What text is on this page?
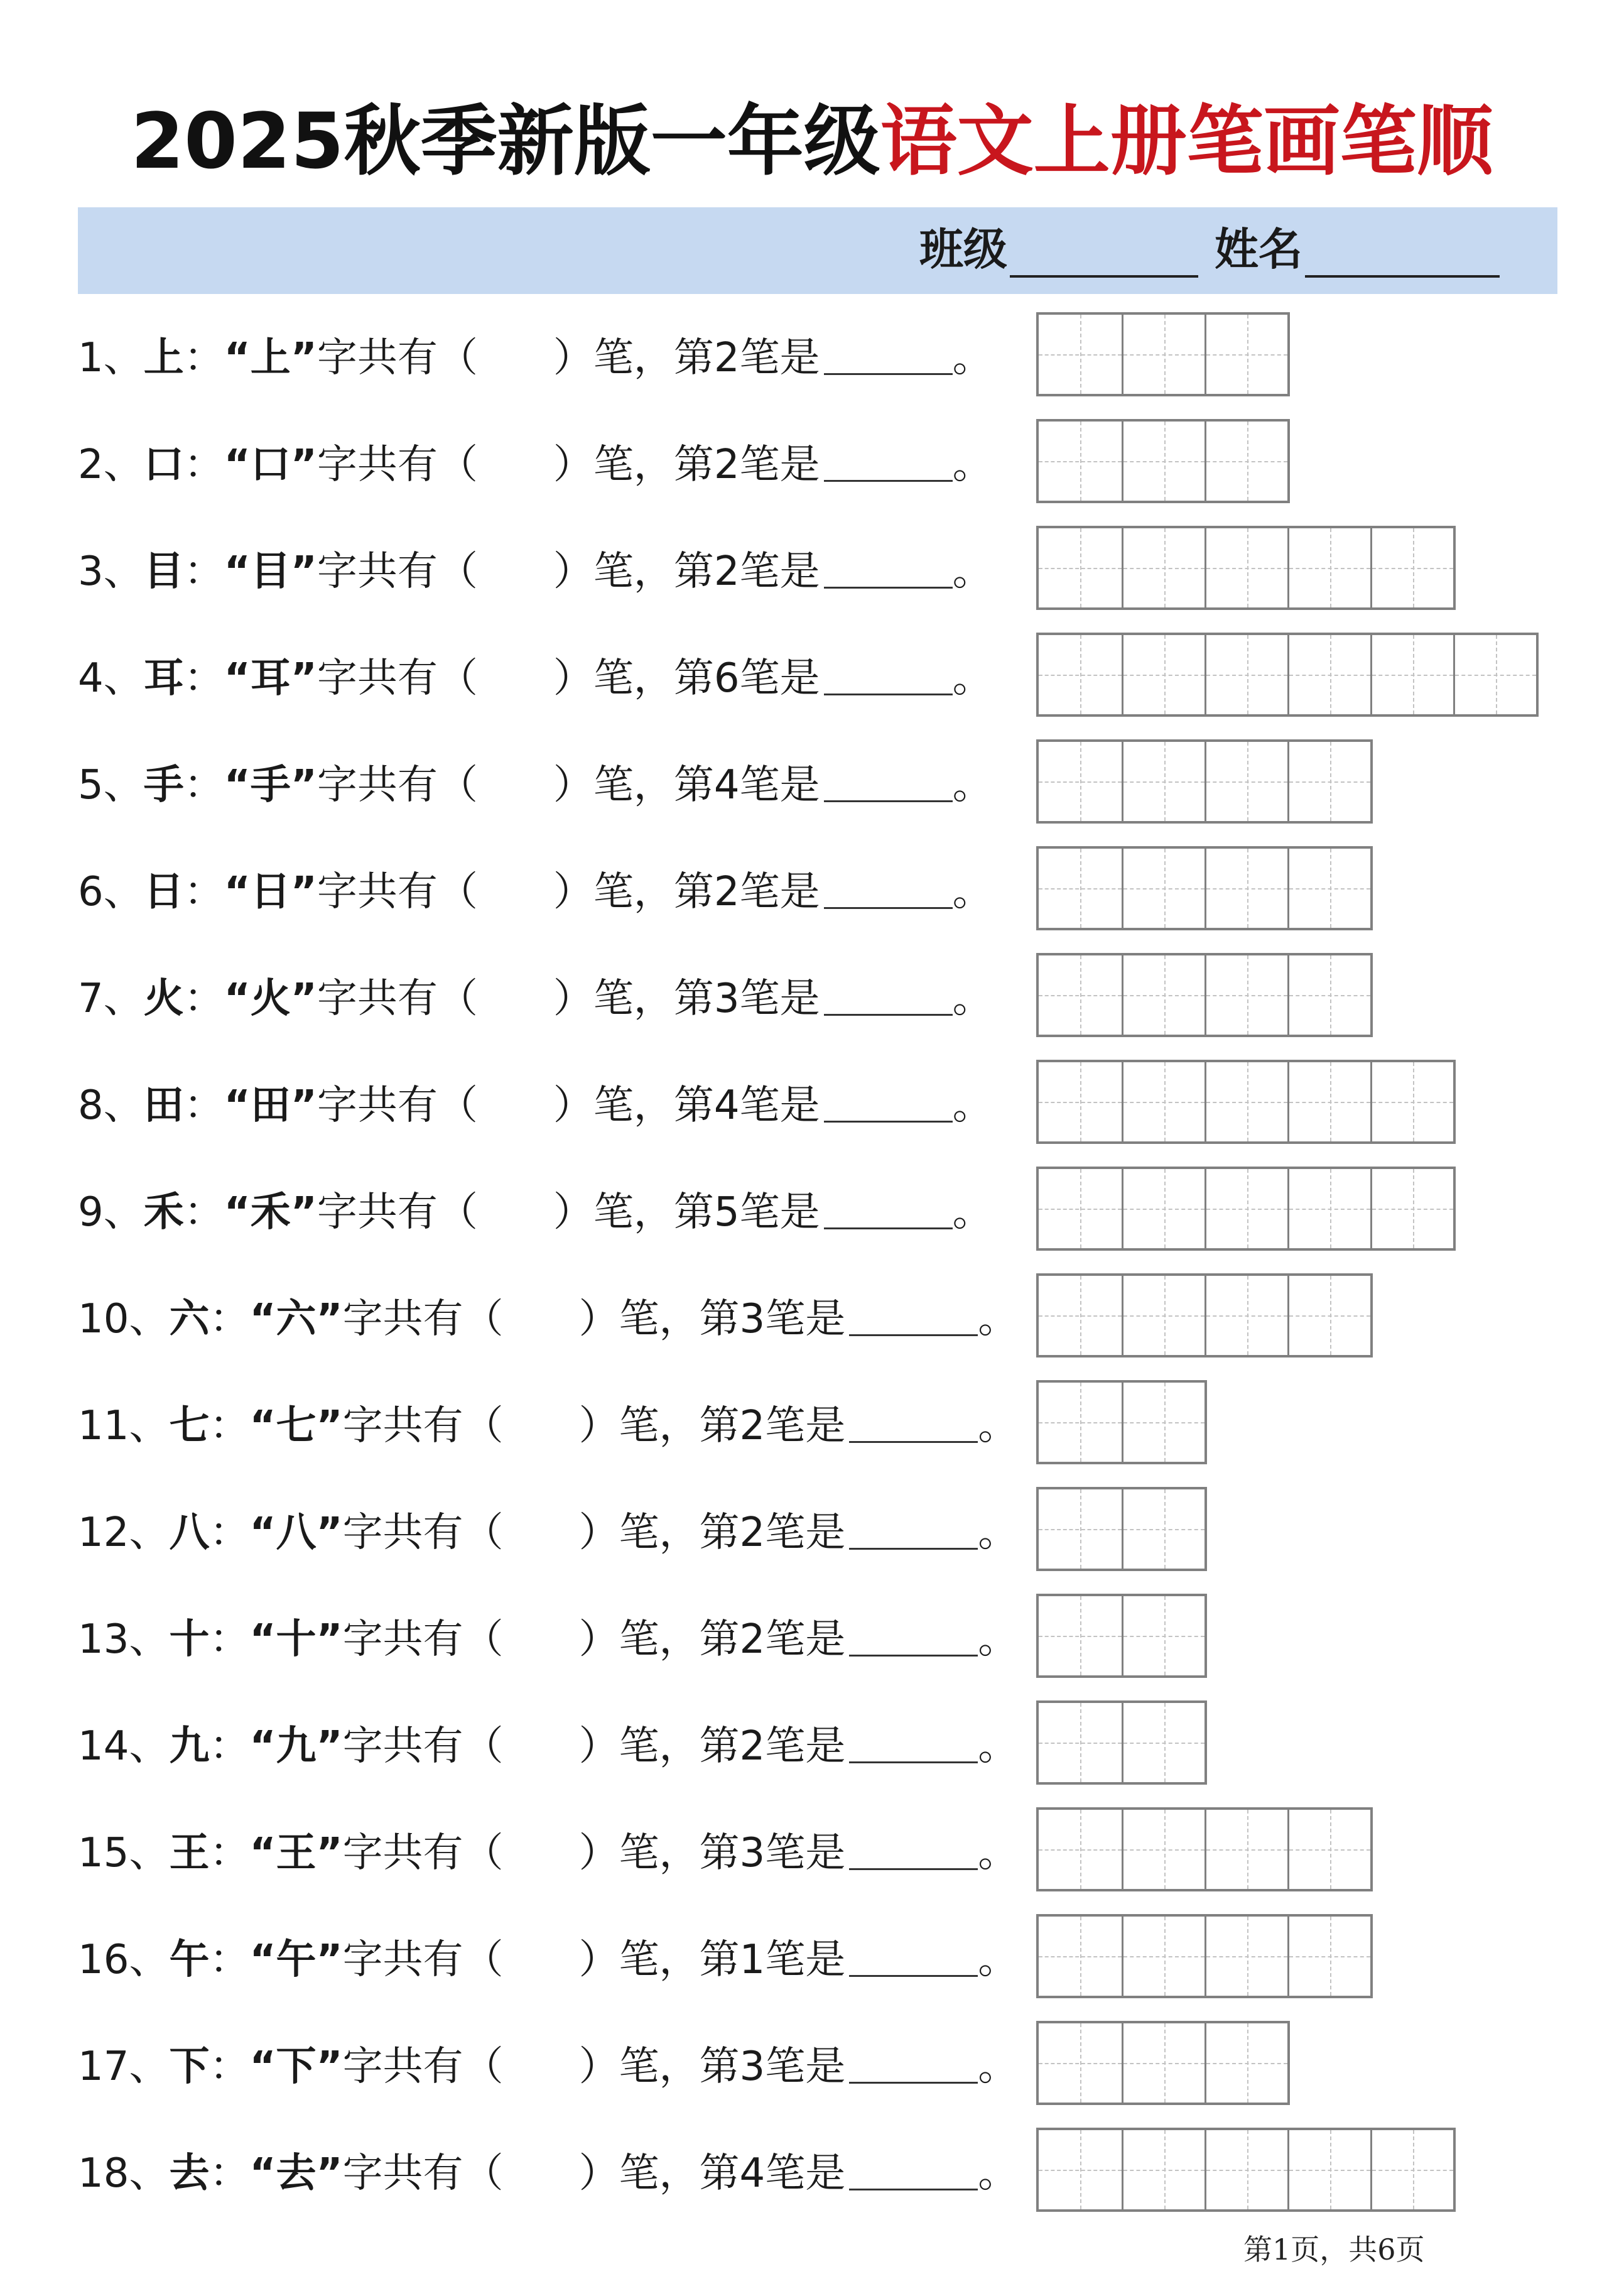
2025秋季新版一年级语文上册笔画笔顺
班级	姓名
1、上：“上”字共有（ ）笔，第2笔是	。
2、口：“口”字共有（ ）笔，第2笔是	。
3、目：“目”字共有（ ）笔，第2笔是	。
4、耳：“耳”字共有（ ）笔，第6笔是	。
5、手：“手”字共有（ ）笔，第4笔是	。
6、日：“日”字共有（ ）笔，第2笔是	。
7、火：“火”字共有（ ）笔，第3笔是	。
8、田：“田”字共有（ ）笔，第4笔是	。
9、禾：“禾”字共有（ ）笔，第5笔是	。
10、六：“六”字共有（ ）笔，第3笔是	。
11、七：“七”字共有（ ）笔，第2笔是	。
12、八：“八”字共有（ ）笔，第2笔是	。
13、十：“十”字共有（ ）笔，第2笔是	。
14、九：“九”字共有（ ）笔，第2笔是	。
15、王：“王”字共有（ ）笔，第3笔是	。
16、午：“午”字共有（ ）笔，第1笔是	。
17、下：“下”字共有（ ）笔，第3笔是	。
18、去：“去”字共有（ ）笔，第4笔是	。
第1页，共6页
